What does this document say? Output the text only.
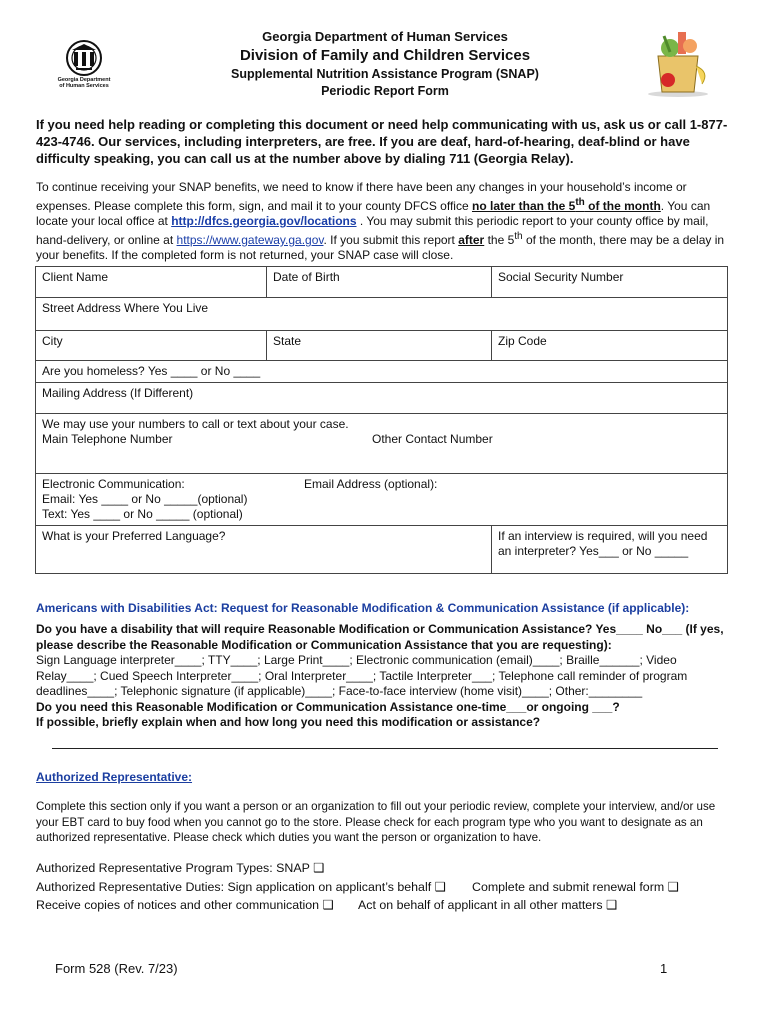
Georgia Department
of Human Services
Georgia Department of Human Services
Division of Family and Children Services
Supplemental Nutrition Assistance Program (SNAP)
Periodic Report Form
If you need help reading or completing this document or need help communicating with us, ask us or call 1-877-423-4746. Our services, including interpreters, are free. If you are deaf, hard-of-hearing, deaf-blind or have difficulty speaking, you can call us at the number above by dialing 711 (Georgia Relay).
To continue receiving your SNAP benefits, we need to know if there have been any changes in your household’s income or expenses. Please complete this form, sign, and mail it to your county DFCS office no later than the 5th of the month. You can locate your local office at http://dfcs.georgia.gov/locations . You may submit this periodic report to your county office by mail, hand-delivery, or online at https://www.gateway.ga.gov. If you submit this report after the 5th of the month, there may be a delay in your benefits. If the completed form is not returned, your SNAP case will close.
Client Name	Date of Birth	Social Security Number
Street Address Where You Live		
City	State	Zip Code
Are you homeless? Yes ____ or No ____		
Mailing Address (If Different)		

We may use your numbers to call or text about your case.
Main Telephone Number Other Contact Number		

Electronic Communication:
Email: Yes ____ or No _____(optional)
Text: Yes ____ or No _____ (optional)
Email Address (optional):		

What is your Preferred Language?		If an interview is required, will you need an interpreter? Yes___ or No _____
Americans with Disabilities Act: Request for Reasonable Modification & Communication Assistance (if applicable):
Do you have a disability that will require Reasonable Modification or Communication Assistance? Yes____ No___ (If yes, please describe the Reasonable Modification or Communication Assistance that you are requesting):
Sign Language interpreter____; TTY____; Large Print____; Electronic communication (email)____; Braille______; Video Relay____; Cued Speech Interpreter____; Oral Interpreter____; Tactile Interpreter___; Telephone call reminder of program deadlines____; Telephonic signature (if applicable)____; Face-to-face interview (home visit)____; Other:________
Do you need this Reasonable Modification or Communication Assistance one-time___or ongoing ___?
If possible, briefly explain when and how long you need this modification or assistance?
Authorized Representative:
Complete this section only if you want a person or an organization to fill out your periodic review, complete your interview, and/or use your EBT card to buy food when you cannot go to the store. Please check for each program type who you want to designate as an authorized representative. Please check which duties you want the person or organization to have.
Authorized Representative Program Types: SNAP ❑
Authorized Representative Duties: Sign application on applicant’s behalf ❑	Complete and submit renewal form ❑
Receive copies of notices and other communication ❑	Act on behalf of applicant in all other matters ❑
Form 528 (Rev. 7/23)	1
